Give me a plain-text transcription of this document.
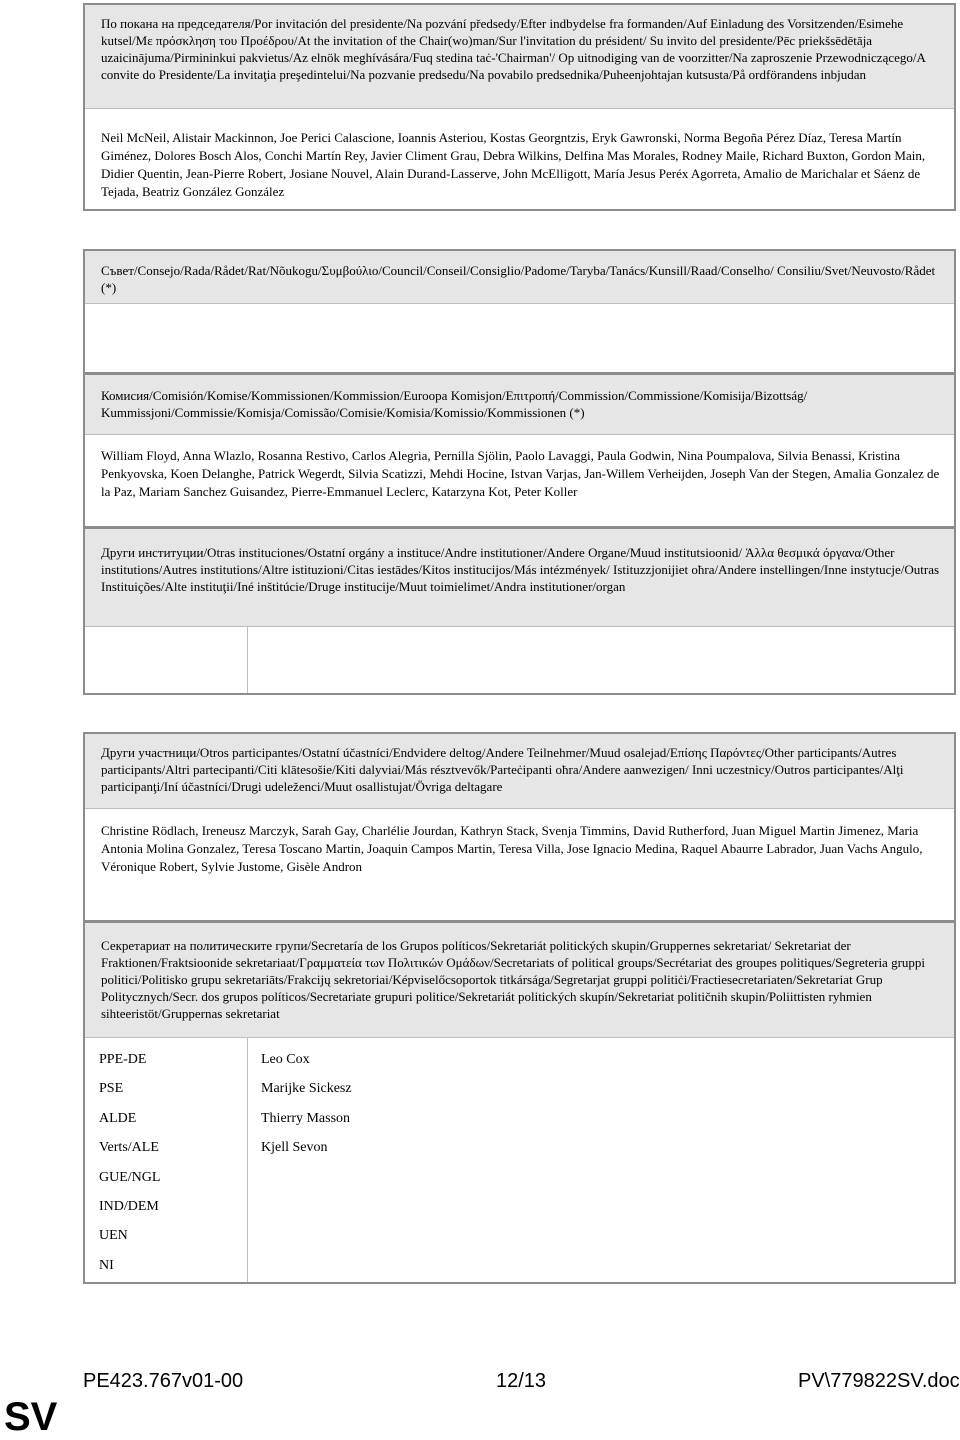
По покана на председателя/Por invitación del presidente/Na pozvání předsedy/Efter indbydelse fra formanden/Auf Einladung des Vorsitzenden/Esimehe kutsel/Με πρόσκληση του Προέδρου/At the invitation of the Chair(wo)man/Sur l'invitation du président/ Su invito del presidente/Pēc priekšsēdētāja uzaicinājuma/Pirmininkui pakvietus/Az elnök meghívására/Fuq stedina taċ-'Chairman'/ Op uitnodiging van de voorzitter/Na zaproszenie Przewodniczącego/A convite do Presidente/La invitaţia preşedintelui/Na pozvanie predsedu/Na povabilo predsednika/Puheenjohtajan kutsusta/På ordförandens inbjudan
Neil McNeil, Alistair Mackinnon, Joe Perici Calascione, Ioannis Asteriou, Kostas Georgntzis, Eryk Gawronski, Norma Begoña Pérez Díaz, Teresa Martín Giménez, Dolores Bosch Alos, Conchi Martín Rey, Javier Climent Grau, Debra Wilkins, Delfina Mas Morales, Rodney Maile, Richard Buxton, Gordon Main, Didier Quentin, Jean-Pierre Robert, Josiane Nouvel, Alain Durand-Lasserve, John McElligott, María Jesus Peréx Agorreta, Amalio de Marichalar et Sáenz de Tejada, Beatriz González González
Съвет/Consejo/Rada/Rådet/Rat/Nõukogu/Συμβούλιο/Council/Conseil/Consiglio/Padome/Taryba/Tanács/Kunsill/Raad/Conselho/ Consiliu/Svet/Neuvosto/Rådet (*)
Комисия/Comisión/Komise/Kommissionen/Kommission/Euroopa Komisjon/Επιτροπή/Commission/Commissione/Komisija/Bizottság/ Kummissjoni/Commissie/Komisja/Comissão/Comisie/Komisia/Komissio/Kommissionen (*)
William Floyd, Anna Wlazlo, Rosanna Restivo, Carlos Alegria, Pernilla Sjölin, Paolo Lavaggi, Paula Godwin, Nina Poumpalova, Silvia Benassi, Kristina Penkyovska, Koen Delanghe, Patrick Wegerdt, Silvia Scatizzi, Mehdi Hocine, Istvan Varjas, Jan-Willem Verheijden, Joseph Van der Stegen, Amalia Gonzalez de la Paz, Mariam Sanchez Guisandez, Pierre-Emmanuel Leclerc, Katarzyna Kot, Peter Koller
Други институции/Otras instituciones/Ostatní orgány a instituce/Andre institutioner/Andere Organe/Muud institutsioonid/ Άλλα θεσμικά όργανα/Other institutions/Autres institutions/Altre istituzioni/Citas iestādes/Kitos institucijos/Más intézmények/ Istituzzjonijiet oħra/Andere instellingen/Inne instytucje/Outras Instituições/Alte instituţii/Iné inštitúcie/Druge institucije/Muut toimielimet/Andra institutioner/organ
Други участници/Otros participantes/Ostatní účastníci/Endvidere deltog/Andere Teilnehmer/Muud osalejad/Επίσης Παρόντες/Other participants/Autres participants/Altri partecipanti/Citi klātesošie/Kiti dalyviai/Más résztvevők/Parteċipanti oħra/Andere aanwezigen/ Inni uczestnicy/Outros participantes/Alţi participanţi/Iní účastníci/Drugi udeleženci/Muut osallistujat/Övriga deltagare
Christine Rödlach, Ireneusz Marczyk, Sarah Gay, Charlélie Jourdan, Kathryn Stack, Svenja Timmins, David Rutherford, Juan Miguel Martin Jimenez, Maria Antonia Molina Gonzalez, Teresa Toscano Martin, Joaquin Campos Martin, Teresa Villa, Jose Ignacio Medina, Raquel Abaurre Labrador, Juan Vachs Angulo, Véronique Robert, Sylvie Justome, Gisèle Andron
Секретариат на политическите групи/Secretaría de los Grupos políticos/Sekretariát politických skupin/Gruppernes sekretariat/ Sekretariat der Fraktionen/Fraktsioonide sekretariaat/Γραμματεία των Πολιτικών Ομάδων/Secretariats of political groups/Secrétariat des groupes politiques/Segreteria gruppi politici/Politisko grupu sekretariāts/Frakcijų sekretoriai/Képviselőcsoportok titkársága/Segretarjat gruppi politiċi/Fractiesecretariaten/Sekretariat Grup Politycznych/Secr. dos grupos políticos/Secretariate grupuri politice/Sekretariát politických skupín/Sekretariat političnih skupin/Poliittisten ryhmien sihteeristöt/Gruppernas sekretariat
PPE-DE
PSE
ALDE
Verts/ALE
GUE/NGL
IND/DEM
UEN
NI
Leo Cox
Marijke Sickesz
Thierry Masson
Kjell Sevon
PE423.767v01-00	12/13	PV\779822SV.doc
SV
